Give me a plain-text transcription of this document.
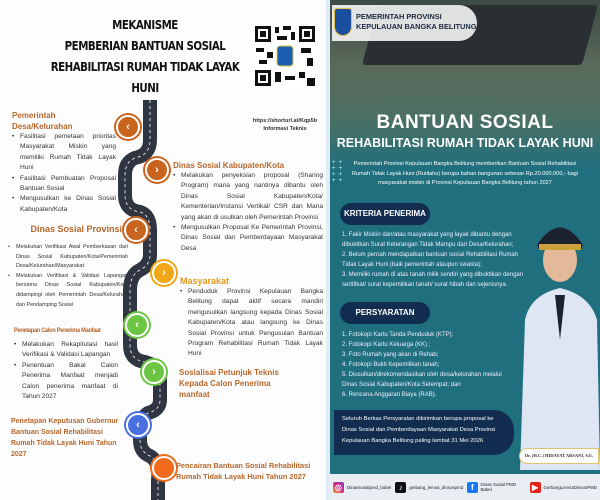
MEKANISME
PEMBERIAN BANTUAN SOSIAL
REHABILITASI RUMAH TIDAK LAYAK HUNI
https://shorturl.at/Kqp5b
Informasi Teknis
‹
›
‹
›
‹
›
‹
Pemerintah Desa/Kelurahan
• Fasilitasi pemetaan prioritas Masyarakat Miskin yang memiliki Rumah Tidak Layak Huni
• Fasilitasi Pembuatan Proposal Bantuan Sosial
• Mengusulkan ke Dinas Sosial Kabupaten/Kota
Dinas Sosial Kabupaten/Kota
• Melakukan penyeksian proposal (Sharing Program) mana yang nantinya dibantu oleh Dinas Sosial Kabupaten/Kota/ Kementerian/Instansi Vertikal/ CSR dan Mana yang akan di usulkan oleh Pemerintah Provinsi
• Mengusulkan Proposal Ke Pemerintah Provinsi, Dinas Sosial dan Pemberdayaan Masyarakat Desa
Dinas Sosial Provinsi
• Melakukan Verifikasi Awal Pemberkasan dari Dinas Sosial Kabupaten/Kota/Pemerintah Desa/Kelurahan/Masyarakat
• Melakukan Verifikasi & Validasi Lapangan bersama Dinas Sosial Kabupaten/Kota didampingi oleh Pemerintah Desa/Kelurahan dan Pendamping Sosial
Masyarakat
• Penduduk Provinsi Kepulauan Bangka Belitung dapat aktif secara mandiri mengusulkan langsung kepada Dinas Sosial Kabupaten/Kota atau langsung ke Dinas Sosial Provinsi untuk Pengusulan Bantuan Program Rehabilitasi Rumah Tidak Layak Huni
Penetapan Calon Penerima Manfaat
• Melakukan Rekapitulasi hasil Verifikasi & Validasi Lapangan
• Penentuan Bakal Calon Penerima Manfaat menjadi Calon penerima manfaat di Tahun 2027
Sosialisai Petunjuk Teknis Kepada Calon Penerima manfaat
Penetapan Keputusan Gubernur Bantuan Sosial Rehabilitasi Rumah Tidak Layak Huni Tahun 2027
Pencairan Bantuan Sosial Rehabilitasi Rumah Tidak Layak Huni Tahun 2027
PEMERINTAH PROVINSI
KEPULAUAN BANGKA BELITUNG
BANTUAN SOSIAL
REHABILITASI RUMAH TIDAK LAYAK HUNI
++
++
++
++
Pemerintah Provinsi Kepulauan Bangka Belitung memberikan Bantuan Sosial Rehabilitasi Rumah Tidak Layak Huni (Rutilahu) berupa bahan bangunan sebesar Rp.20.000.000,- bagi masyarakat miskin di Provinsi Kepulauan Bangka Belitung tahun 2027
KRITERIA PENERIMA
1. Fakir Miskin dan/atau masyarakat yang layak dibantu dengan dibuktikan Surat Keterangan Tidak Mampu dari Desa/Kelurahan;
2. Belum pernah mendapatkan bantuan sosial Rehabilitasi Rumah Tidak Layak Huni (baik pemerintah ataupun swasta);
3. Memiliki rumah di atas tanah milik sendiri yang dibuktikan dengan sertifikat/ surat kepemilikan tanah/ surat hibah dan sejenisnya.
PERSYARATAN
1. Fotokopi Kartu Tanda Penduduk (KTP);
2. Fotokopi Kartu Keluarga (KK) ;
3. Foto Rumah yang akan di Rehab;
4. Fotokopi Bukti Kepemilikan tanah;
5. Diusulkan/direkomendasikan oleh desa/kelurahan melalui Dinas Sosial Kabupaten/Kota Setempat; dan
6. Rencana Anggaran Biaya (RAB).
Seluruh Berkas Persyaratan dikirimkan berupa proposal ke Dinas Sosial dan Pemberdayaan Masyarakat Desa Provinsi Kepulauan Bangka Belitung paling lambat 31 Mei 2026
Dr. (H.C.) HIDAYAT ARSANI, S.E.
◎	Dinassosialpmd_babel ♪	gerbang_lemsa_dinsospmd f	Dinas Sosial PMD Babel	▶	GerbangLemsaDinsosPMD
